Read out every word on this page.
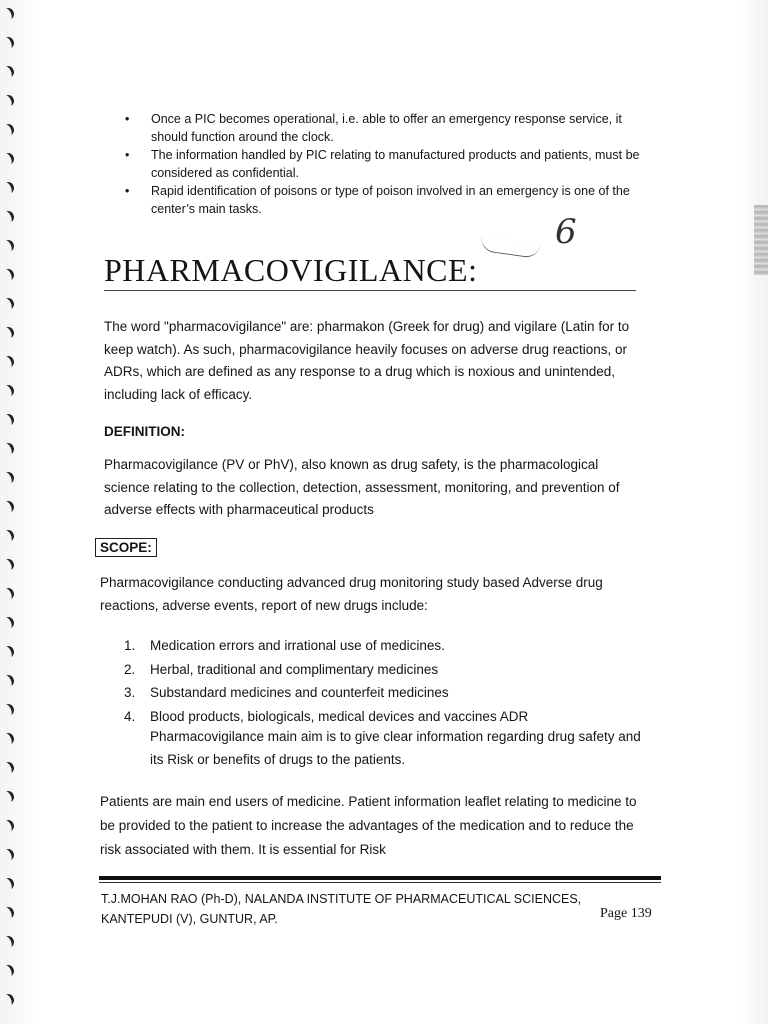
• Once a PIC becomes operational, i.e. able to offer an emergency response service, it should function around the clock.
• The information handled by PIC relating to manufactured products and patients, must be considered as confidential.
• Rapid identification of poisons or type of poison involved in an emergency is one of the center’s main tasks.
6
PHARMACOVIGILANCE:
The word "pharmacovigilance" are: pharmakon (Greek for drug) and vigilare (Latin for to keep watch). As such, pharmacovigilance heavily focuses on adverse drug reactions, or ADRs, which are defined as any response to a drug which is noxious and unintended, including lack of efficacy.
DEFINITION:
Pharmacovigilance (PV or PhV), also known as drug safety, is the pharmacological science relating to the collection, detection, assessment, monitoring, and prevention of adverse effects with pharmaceutical products
SCOPE:
Pharmacovigilance conducting advanced drug monitoring study based Adverse drug reactions, adverse events, report of new drugs include:
1. Medication errors and irrational use of medicines.
2. Herbal, traditional and complimentary medicines
3. Substandard medicines and counterfeit medicines
4. Blood products, biologicals, medical devices and vaccines ADR
Pharmacovigilance main aim is to give clear information regarding drug safety and its Risk or benefits of drugs to the patients.
Patients are main end users of medicine. Patient information leaflet relating to medicine to be provided to the patient to increase the advantages of the medication and to reduce the risk associated with them. It is essential for Risk
T.J.MOHAN RAO (Ph-D), NALANDA INSTITUTE OF PHARMACEUTICAL SCIENCES,
KANTEPUDI (V), GUNTUR, AP.	Page 139
